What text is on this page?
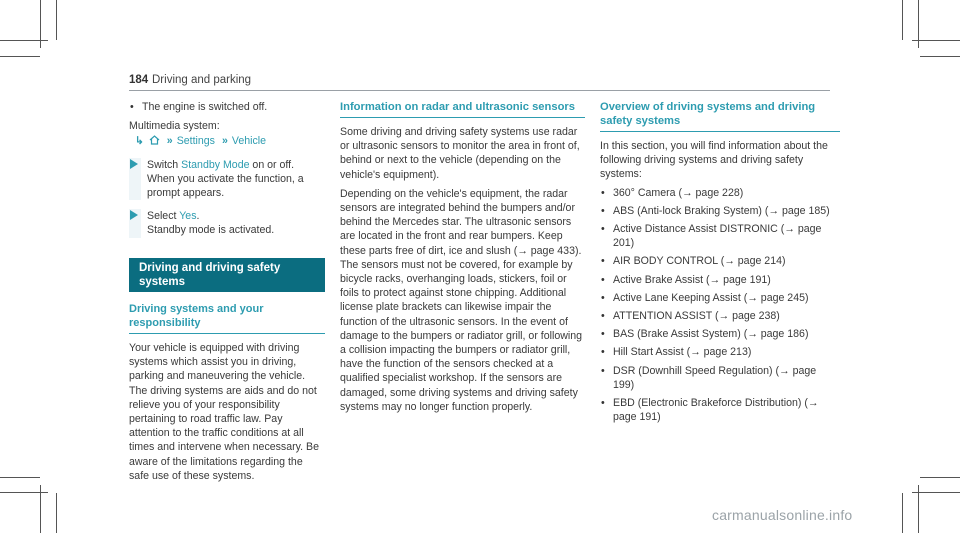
184 Driving and parking

• The engine is switched off.

Multimedia system:

↳ » Settings » Vehicle

Switch Standby Mode on or off.

When you activate the function, a prompt appears.

Select Yes.

Standby mode is activated.

Driving and driving safety systems
Driving systems and your responsibility

Your vehicle is equipped with driving systems which assist you in driving, parking and maneuvering the vehicle. The driving systems are aids and do not relieve you of your responsibility pertaining to road traffic law. Pay attention to the traffic conditions at all times and intervene when necessary. Be aware of the limitations regarding the safe use of these systems.

Information on radar and ultrasonic sensors

Some driving and driving safety systems use radar or ultrasonic sensors to monitor the area in front of, behind or next to the vehicle (depending on the vehicle's equipment).

Depending on the vehicle's equipment, the radar sensors are integrated behind the bumpers and/or behind the Mercedes star. The ultrasonic sensors are located in the front and rear bumpers. Keep these parts free of dirt, ice and slush (→ page 433). The sensors must not be covered, for example by bicycle racks, overhanging loads, stickers, foil or foils to protect against stone chipping. Additional license plate brackets can likewise impair the function of the ultrasonic sensors. In the event of damage to the bumpers or radiator grill, or following a collision impacting the bumpers or radiator grill, have the function of the sensors checked at a qualified specialist workshop. If the sensors are damaged, some driving systems and driving safety systems may no longer function properly.

Overview of driving systems and driving safety systems

In this section, you will find information about the following driving systems and driving safety systems:

• 360° Camera (→ page 228)

• ABS (Anti-lock Braking System) (→ page 185)

• Active Distance Assist DISTRONIC (→ page 201)

• AIR BODY CONTROL (→ page 214)

• Active Brake Assist (→ page 191)

• Active Lane Keeping Assist (→ page 245)

• ATTENTION ASSIST (→ page 238)

• BAS (Brake Assist System) (→ page 186)

• Hill Start Assist (→ page 213)

• DSR (Downhill Speed Regulation) (→ page 199)

• EBD (Electronic Brakeforce Distribution) (→ page 191)

carmanualsonline.info
